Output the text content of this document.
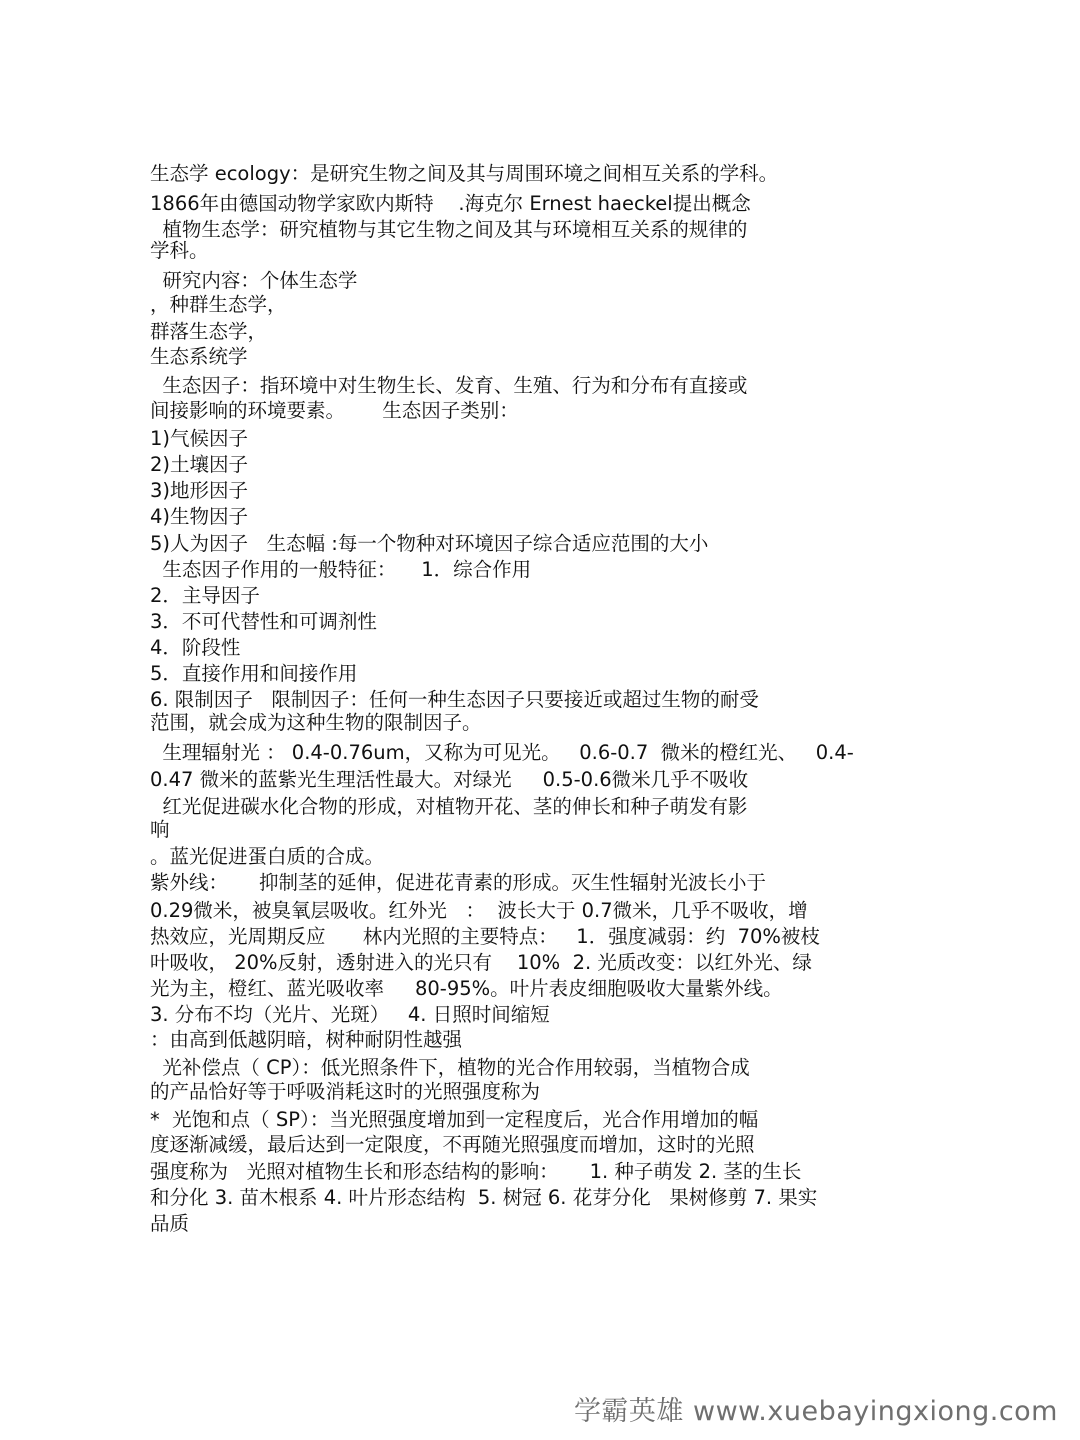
生态学 ecology：是研究生物之间及其与周围环境之间相互关系的学科。

1866年由德国动物学家欧内斯特    .海克尔 Ernest haeckel提出概念

植物生态学：研究植物与其它生物之间及其与环境相互关系的规律的

学科。

研究内容：个体生态学

，种群生态学，

群落生态学，

生态系统学

生态因子：指环境中对生物生长、发育、生殖、行为和分布有直接或

间接影响的环境要素。      生态因子类别：

1)气候因子

2)土壤因子

3)地形因子

4)生物因子

5)人为因子   生态幅 :每一个物种对环境因子综合适应范围的大小

生态因子作用的一般特征：    1．综合作用

2．主导因子

3．不可代替性和可调剂性

4．阶段性

5．直接作用和间接作用

6. 限制因子   限制因子：任何一种生态因子只要接近或超过生物的耐受

范围，就会成为这种生物的限制因子。

生理辐射光 ： 0.4-0.76um，又称为可见光。   0.6-0.7  微米的橙红光、   0.4-

0.47 微米的蓝紫光生理活性最大。对绿光     0.5-0.6微米几乎不吸收

红光促进碳水化合物的形成，对植物开花、茎的伸长和种子萌发有影

响

。蓝光促进蛋白质的合成。

紫外线：     抑制茎的延伸，促进花青素的形成。灭生性辐射光波长小于

0.29微米，被臭氧层吸收。红外光   ：  波长大于 0.7微米，几乎不吸收，增

热效应，光周期反应      林内光照的主要特点：   1．强度减弱：约  70%被枝

叶吸收， 20%反射，透射进入的光只有    10%  2. 光质改变：以红外光、绿

光为主，橙红、蓝光吸收率     80-95%。叶片表皮细胞吸收大量紫外线。

3. 分布不均（光片、光斑）   4. 日照时间缩短

：由高到低越阴暗，树种耐阴性越强

光补偿点（ CP）：低光照条件下，植物的光合作用较弱，当植物合成

的产品恰好等于呼吸消耗这时的光照强度称为

*  光饱和点（ SP）：当光照强度增加到一定程度后，光合作用增加的幅

度逐渐减缓，最后达到一定限度，不再随光照强度而增加，这时的光照

强度称为   光照对植物生长和形态结构的影响：     1. 种子萌发 2. 茎的生长

和分化 3. 苗木根系 4. 叶片形态结构  5. 树冠 6. 花芽分化   果树修剪 7. 果实

品质

学霸英雄 www.xuebayingxiong.com
